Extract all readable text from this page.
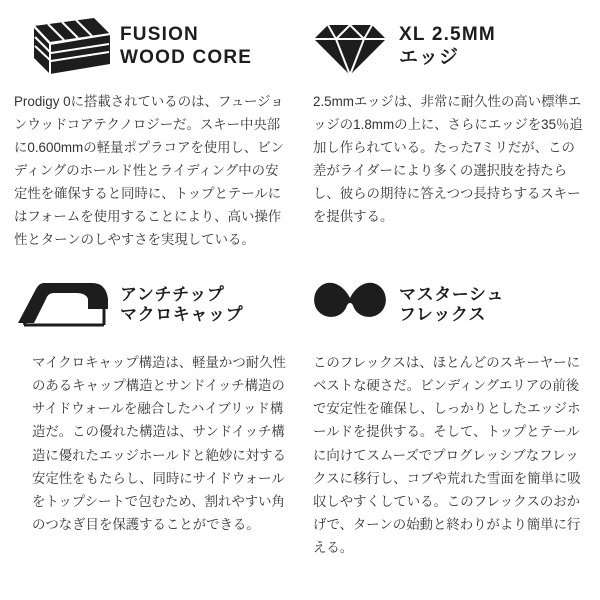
FUSION
WOOD CORE
Prodigy 0に搭載されているのは、フュージョンウッドコアテクノロジーだ。スキー中央部に0.600mmの軽量ポプラコアを使用し、ビンディングのホールド性とライディング中の安定性を確保すると同時に、トップとテールにはフォームを使用することにより、高い操作性とターンのしやすさを実現している。
XL 2.5MM
エッジ
2.5mmエッジは、非常に耐久性の高い標準エッジの1.8mmの上に、さらにエッジを35％追加し作られている。たった7ミリだが、この差がライダーにより多くの選択肢を持たらし、彼らの期待に答えつつ長持ちするスキーを提供する。
アンチチップ
マクロキャップ
マイクロキャップ構造は、軽量かつ耐久性のあるキャップ構造とサンドイッチ構造のサイドウォールを融合したハイブリッド構造だ。この優れた構造は、サンドイッチ構造に優れたエッジホールドと絶妙に対する安定性をもたらし、同時にサイドウォールをトップシートで包むため、割れやすい角のつなぎ目を保護することができる。
マスターシュ
フレックス
このフレックスは、ほとんどのスキーヤーにベストな硬さだ。ビンディングエリアの前後で安定性を確保し、しっかりとしたエッジホールドを提供する。そして、トップとテールに向けてスムーズでプログレッシブなフレックスに移行し、コブや荒れた雪面を簡単に吸収しやすくしている。このフレックスのおかげで、ターンの始動と終わりがより簡単に行える。
